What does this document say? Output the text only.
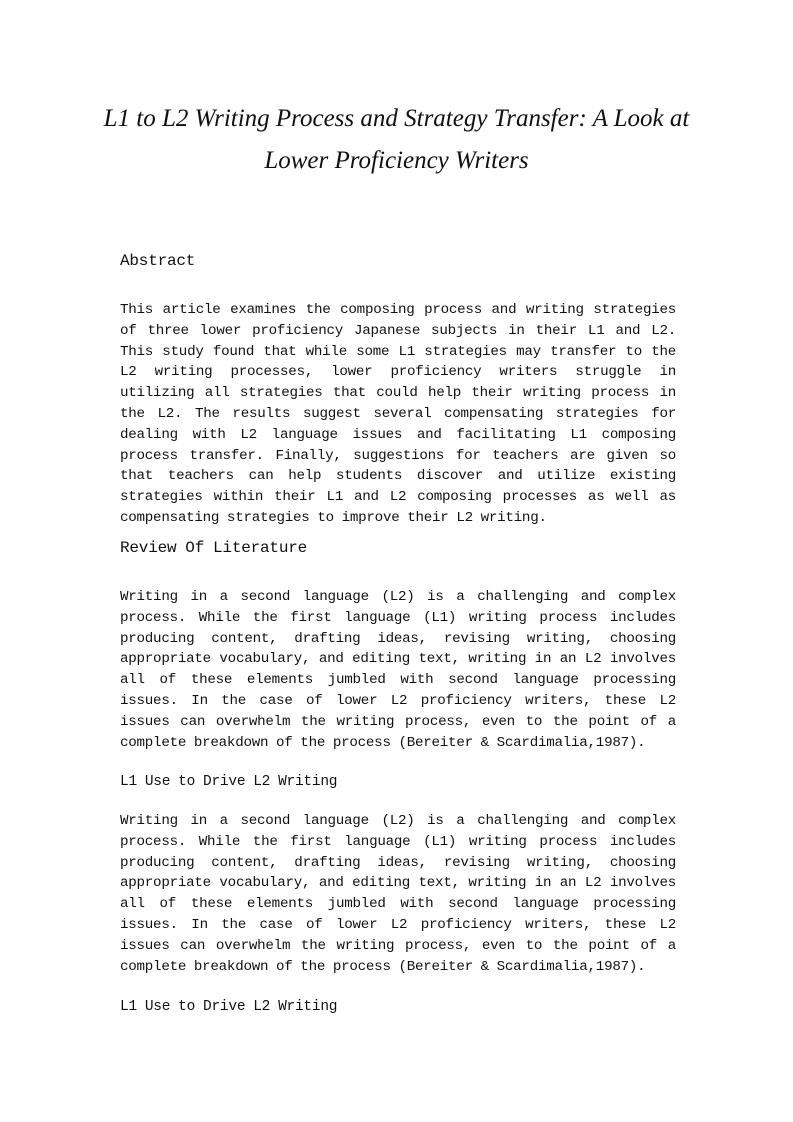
L1 to L2 Writing Process and Strategy Transfer: A Look at Lower Proficiency Writers
Abstract

This article examines the composing process and writing strategies of three lower proficiency Japanese subjects in their L1 and L2. This study found that while some L1 strategies may transfer to the L2 writing processes, lower proficiency writers struggle in utilizing all strategies that could help their writing process in the L2. The results suggest several compensating strategies for dealing with L2 language issues and facilitating L1 composing process transfer. Finally, suggestions for teachers are given so that teachers can help students discover and utilize existing strategies within their L1 and L2 composing processes as well as compensating strategies to improve their L2 writing.

Review Of Literature

Writing in a second language (L2) is a challenging and complex process. While the first language (L1) writing process includes producing content, drafting ideas, revising writing, choosing appropriate vocabulary, and editing text, writing in an L2 involves all of these elements jumbled with second language processing issues. In the case of lower L2 proficiency writers, these L2 issues can overwhelm the writing process, even to the point of a complete breakdown of the process (Bereiter & Scardimalia,1987).

L1 Use to Drive L2 Writing

Writing in a second language (L2) is a challenging and complex process. While the first language (L1) writing process includes producing content, drafting ideas, revising writing, choosing appropriate vocabulary, and editing text, writing in an L2 involves all of these elements jumbled with second language processing issues. In the case of lower L2 proficiency writers, these L2 issues can overwhelm the writing process, even to the point of a complete breakdown of the process (Bereiter & Scardimalia,1987).

L1 Use to Drive L2 Writing
